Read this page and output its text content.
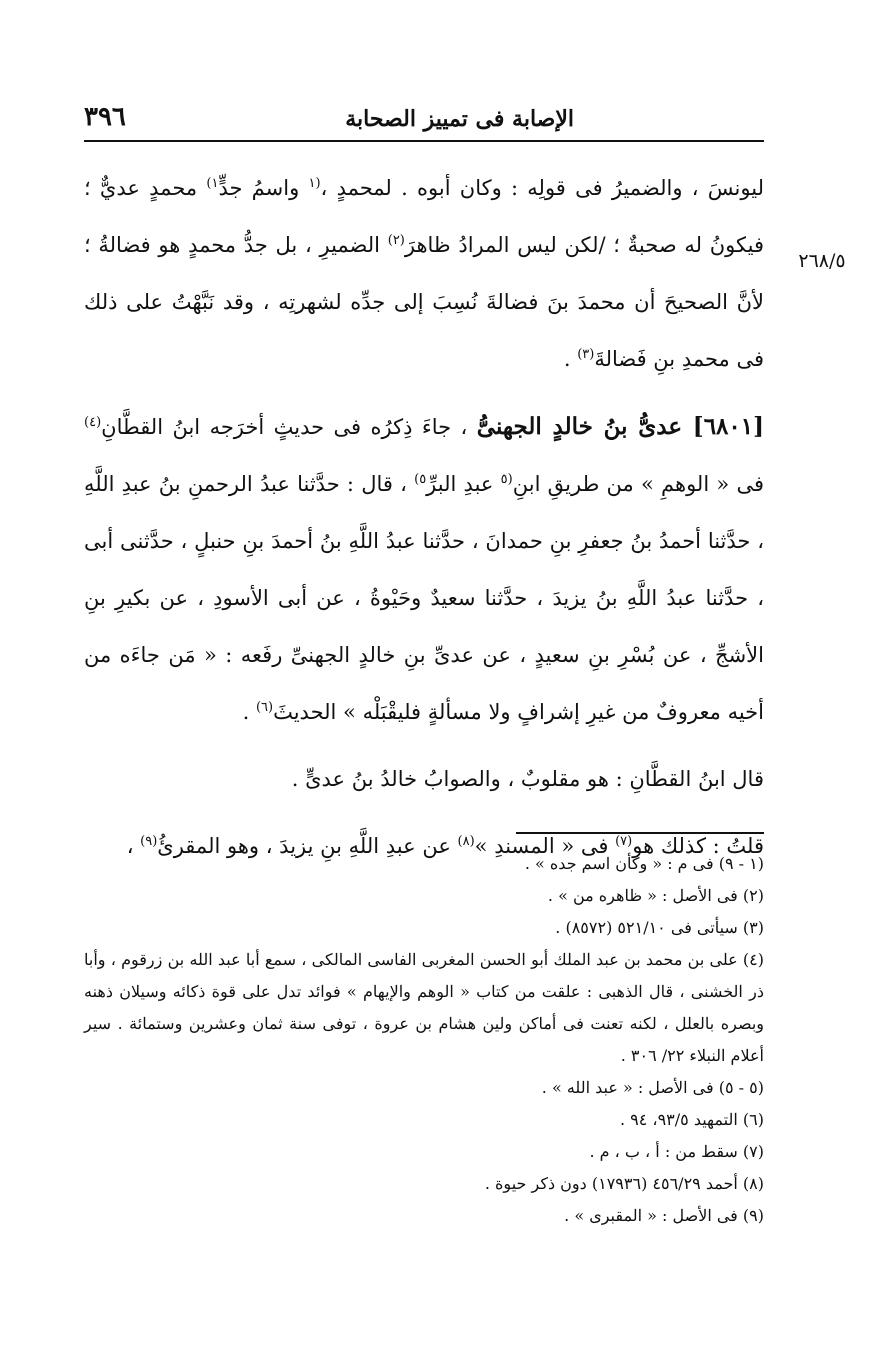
٣٩٦	الإصابة فى تمييز الصحابة
٢٦٨/٥

ليونسَ ، والضميرُ فى قولِه : وكان أبوه . لمحمدٍ ،$^{(١}$ واسمُ جدٍّ$^{١)}$ محمدٍ عديٌّ ؛ فيكونُ له صحبةٌ ؛ /لكن ليس المرادُ ظاهرَ$^{(٢)}$ الضميرِ ، بل جدُّ محمدٍ هو فضالةُ ؛ لأنَّ الصحيحَ أن محمدَ بنَ فضالةَ نُسِبَ إلى جدِّه لشهرتِه ، وقد نَبَّهْتُ على ذلك فى محمدِ بنِ فَضالةَ$^{(٣)}$ .

[٦٨٠١] عدىُّ بنُ خالدٍ الجهنىُّ ، جاءَ ذِكرُه فى حديثٍ أخرَجه ابنُ القطَّانِ$^{(٤)}$ فى « الوهمِ » من طريقِ ابنِ$^{(٥}$ عبدِ البرِّ$^{٥)}$ ، قال : حدَّثنا عبدُ الرحمنِ بنُ عبدِ اللَّهِ ، حدَّثنا أحمدُ بنُ جعفرِ بنِ حمدانَ ، حدَّثنا عبدُ اللَّهِ بنُ أحمدَ بنِ حنبلٍ ، حدَّثنى أبى ، حدَّثنا عبدُ اللَّهِ بنُ يزيدَ ، حدَّثنا سعيدٌ وحَيْوةُ ، عن أبى الأسودِ ، عن بكيرِ بنِ الأشجِّ ، عن بُسْرِ بنِ سعيدٍ ، عن عدىِّ بنِ خالدٍ الجهنىِّ رفَعه : « مَن جاءَه من أخيه معروفٌ من غيرِ إشرافٍ ولا مسألةٍ فليقْبَلْه » الحديثَ$^{(٦)}$ .

قال ابنُ القطَّانِ : هو مقلوبٌ ، والصوابُ خالدُ بنُ عدىٍّ .

قلتُ : كذلك هو$^{(٧)}$ فى « المسندِ »$^{(٨)}$ عن عبدِ اللَّهِ بنِ يزيدَ ، وهو المقرئُ$^{(٩)}$ ،

(١ - ٩) فى م : « وكأن اسم جده » .

(٢) فى الأصل : « ظاهره من » .

(٣) سيأتى فى ٥٢١/١٠ (٨٥٧٢) .

(٤) على بن محمد بن عبد الملك أبو الحسن المغربى الفاسى المالكى ، سمع أبا عبد الله بن زرقوم ، وأبا ذر الخشنى ، قال الذهبى : علقت من كتاب « الوهم والإيهام » فوائد تدل على قوة ذكائه وسيلان ذهنه وبصره بالعلل ، لكنه تعنت فى أماكن ولين هشام بن عروة ، توفى سنة ثمان وعشرين وستمائة . سير أعلام النبلاء ٢٢/ ٣٠٦ .

(٥ - ٥) فى الأصل : « عبد الله » .

(٦) التمهيد ٩٣/٥، ٩٤ .

(٧) سقط من : أ ، ب ، م .

(٨) أحمد ٤٥٦/٢٩ (١٧٩٣٦) دون ذكر حيوة .

(٩) فى الأصل : « المقبرى » .
